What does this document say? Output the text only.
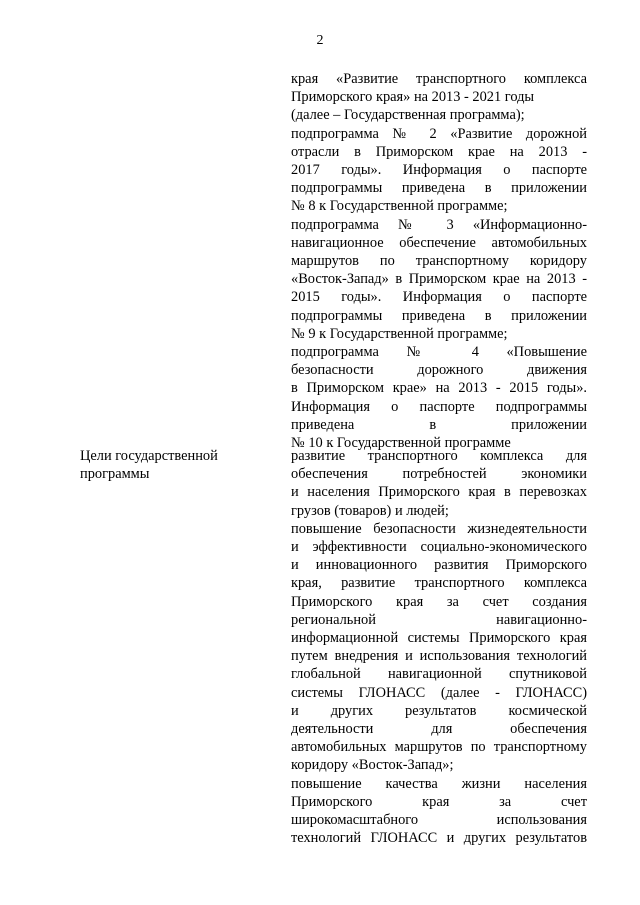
2
края «Развитие транспортного комплекса
Приморского края» на 2013 - 2021 годы
(далее – Государственная программа);
подпрограмма № 2 «Развитие дорожной
отрасли в Приморском крае на 2013 -
2017 годы». Информация о паспорте
подпрограммы приведена в приложении
№ 8 к Государственной программе;
подпрограмма № 3 «Информационно-
навигационное обеспечение автомобильных
маршрутов по транспортному коридору
«Восток-Запад» в Приморском крае на 2013 -
2015 годы». Информация о паспорте
подпрограммы приведена в приложении
№ 9 к Государственной программе;
подпрограмма № 4 «Повышение
безопасности дорожного движения
в Приморском крае» на 2013 - 2015 годы».
Информация о паспорте подпрограммы
приведена в приложении
№ 10 к Государственной программе
Цели государственной
программы
развитие транспортного комплекса для
обеспечения потребностей экономики
и населения Приморского края в перевозках
грузов (товаров) и людей;
повышение безопасности жизнедеятельности
и эффективности социально-экономического
и инновационного развития Приморского
края, развитие транспортного комплекса
Приморского края за счет создания
региональной навигационно-
информационной системы Приморского края
путем внедрения и использования технологий
глобальной навигационной спутниковой
системы ГЛОНАСС (далее - ГЛОНАСС)
и других результатов космической
деятельности для обеспечения
автомобильных маршрутов по транспортному
коридору «Восток-Запад»;
повышение качества жизни населения
Приморского края за счет
широкомасштабного использования
технологий ГЛОНАСС и других результатов
